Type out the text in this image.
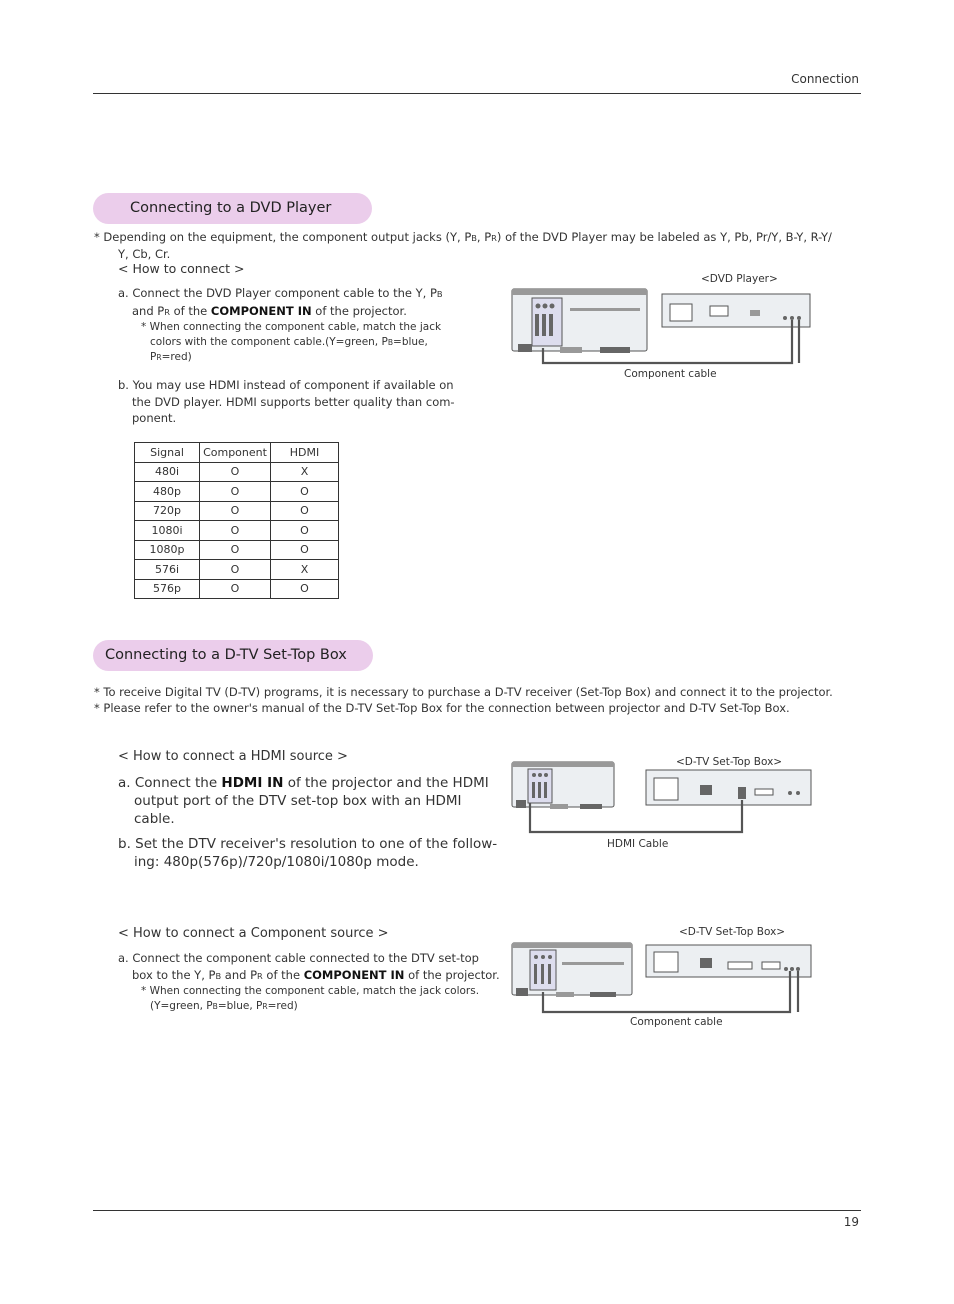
Connection
Connecting to a DVD Player
* Depending on the equipment, the component output jacks (Y, PB, PR) of the DVD Player may be labeled as Y, Pb, Pr/Y, B-Y, R-Y/
Y, Cb, Cr.
< How to connect >
a. Connect the DVD Player component cable to the Y, PB
and PR of the COMPONENT IN of the projector.
* When connecting the component cable, match the jack
colors with the component cable.(Y=green, PB=blue,
PR=red)
b. You may use HDMI instead of component if available on
the DVD player. HDMI supports better quality than com-
ponent.
Signal	Component	HDMI
480i	O	X
480p	O	O
720p	O	O
1080i	O	O
1080p	O	O
576i	O	X
576p	O	O
<DVD Player>
Component cable
Connecting to a D-TV Set-Top Box
* To receive Digital TV (D-TV) programs, it is necessary to purchase a D-TV receiver (Set-Top Box) and connect it to the projector.
* Please refer to the owner's manual of the D-TV Set-Top Box for the connection between projector and D-TV Set-Top Box.
< How to connect a HDMI source >
a. Connect the HDMI IN of the projector and the HDMI
output port of the DTV set-top box with an HDMI
cable.
b. Set the DTV receiver's resolution to one of the follow-
ing: 480p(576p)/720p/1080i/1080p mode.
<D-TV Set-Top Box>
HDMI Cable
< How to connect a Component source >
a. Connect the component cable connected to the DTV set-top
box to the Y, PB and PR of the COMPONENT IN of the projector.
* When connecting the component cable, match the jack colors.
(Y=green, PB=blue, PR=red)
<D-TV Set-Top Box>
Component cable
19
